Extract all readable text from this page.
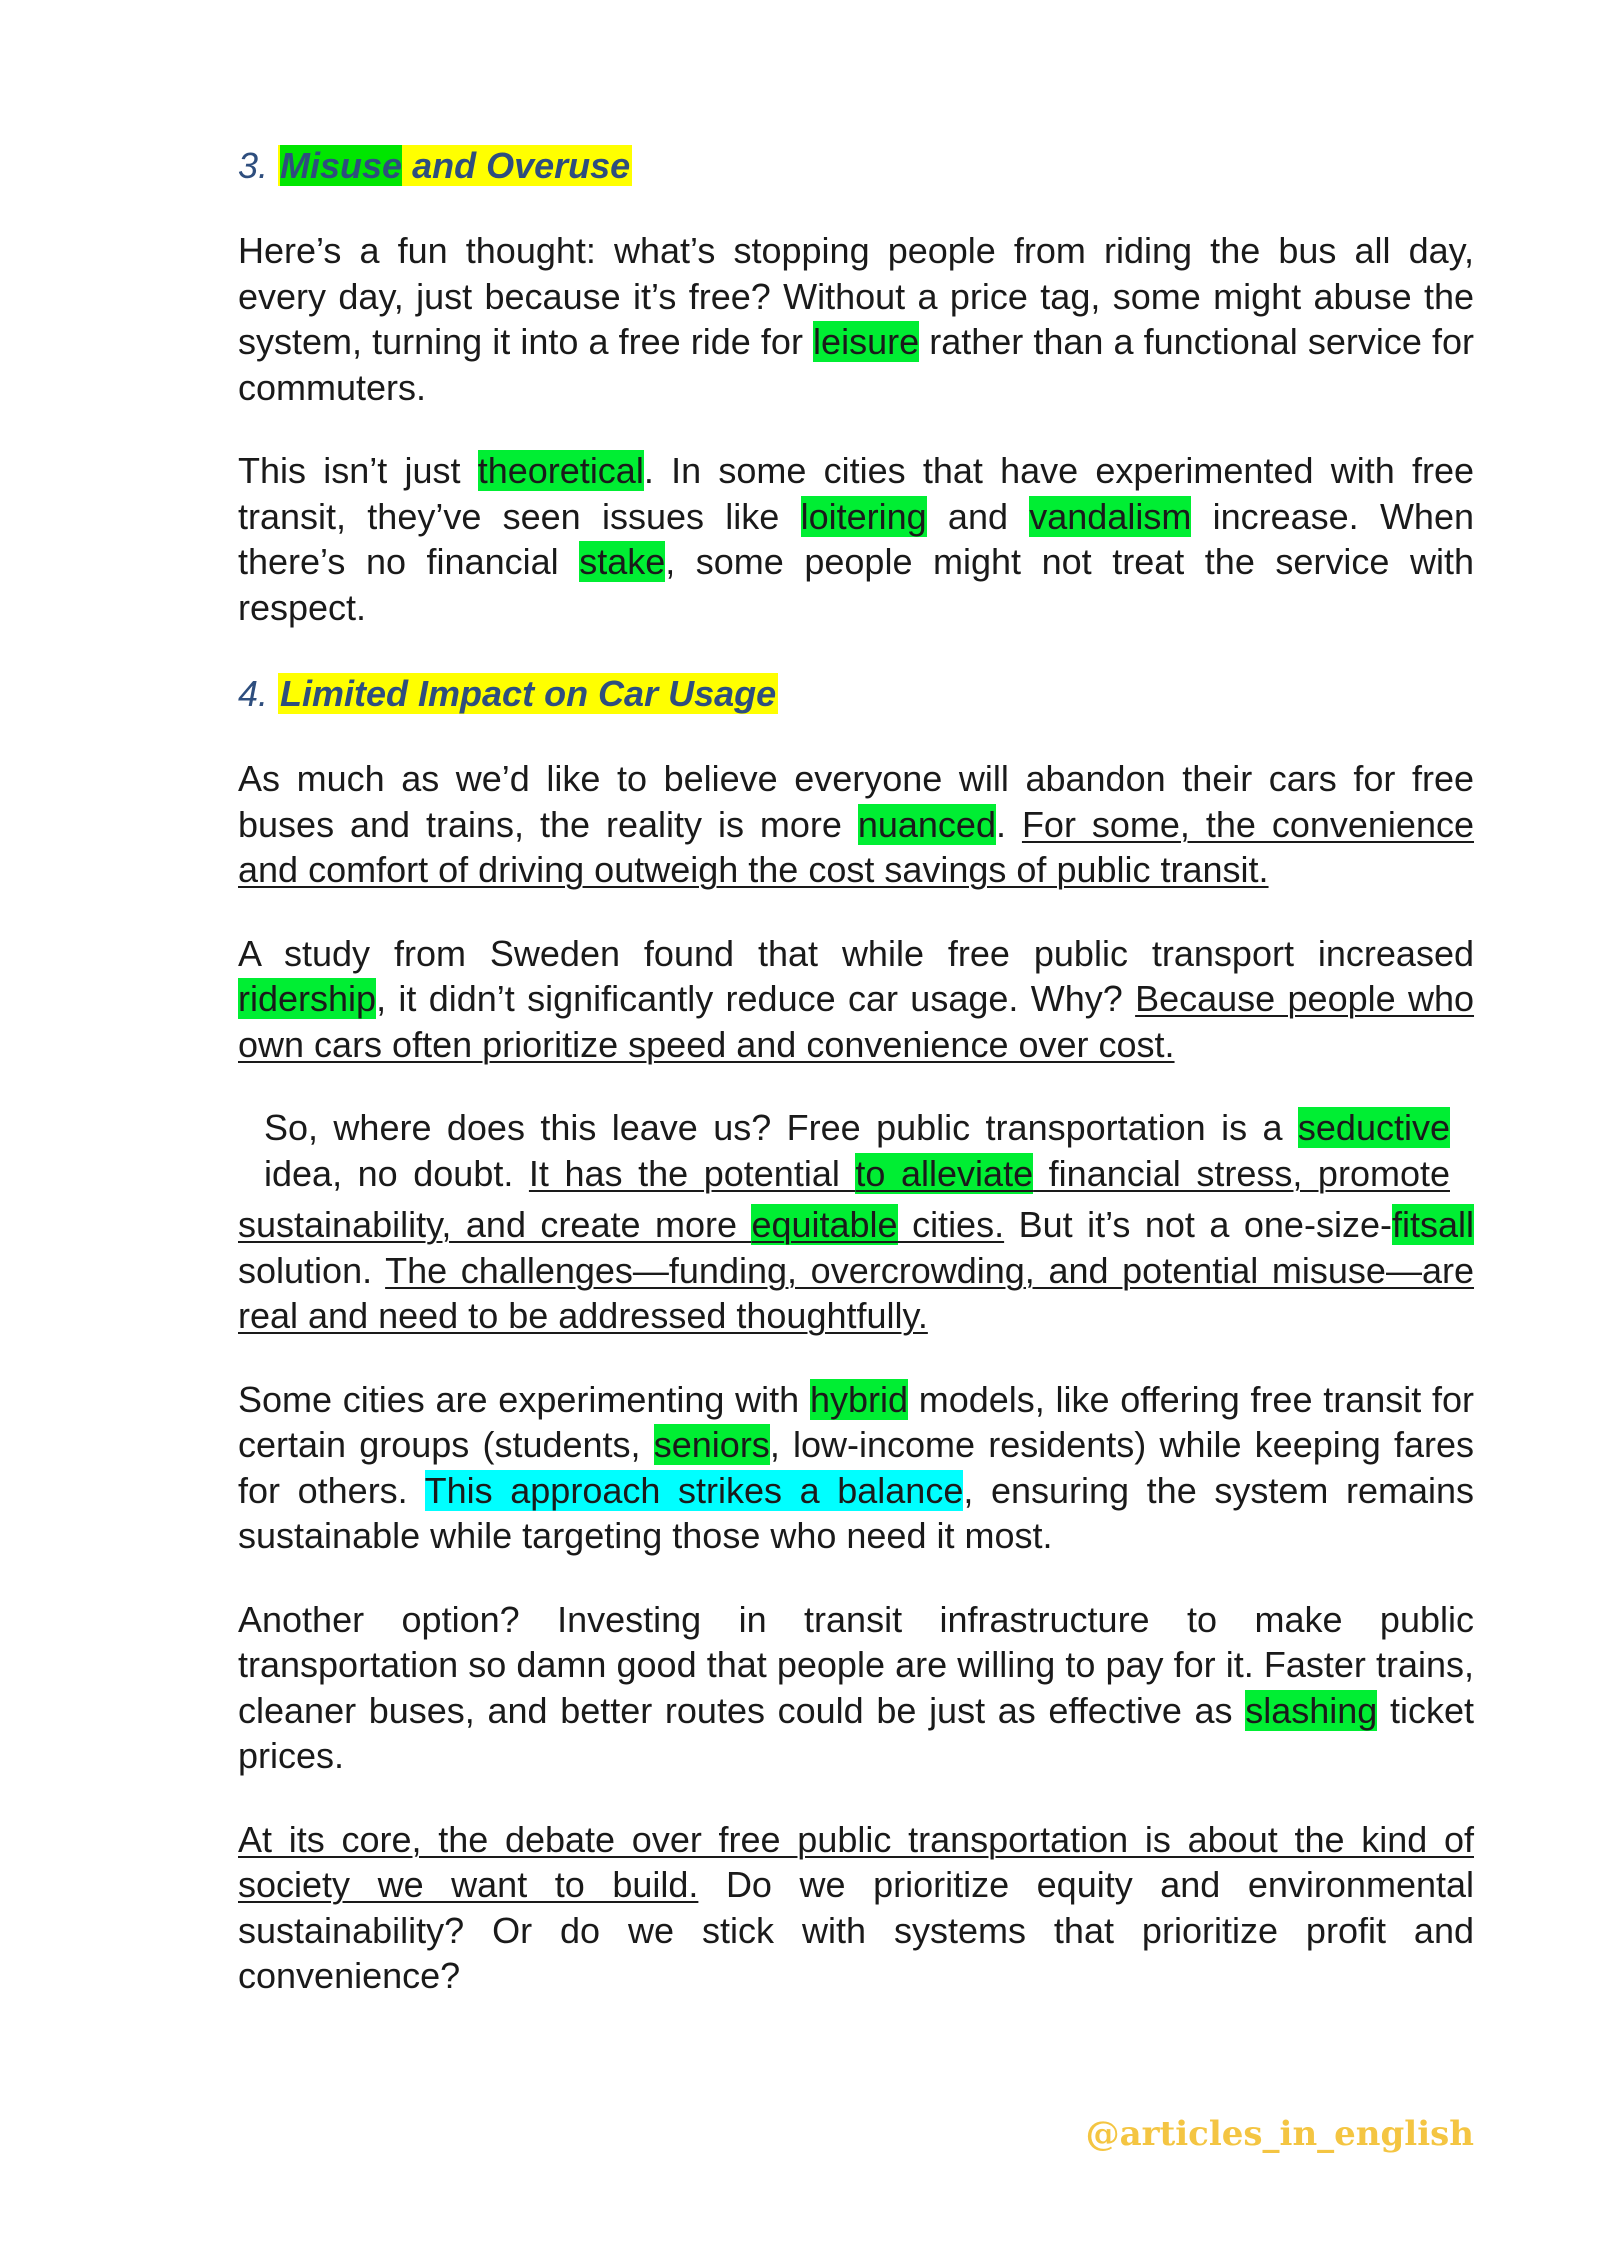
3. Misuse and Overuse

Here’s a fun thought: what’s stopping people from riding the bus all day, every day, just because it’s free? Without a price tag, some might abuse the system, turning it into a free ride for leisure rather than a functional service for commuters.

This isn’t just theoretical. In some cities that have experimented with free transit, they’ve seen issues like loitering and vandalism increase. When there’s no financial stake, some people might not treat the service with respect.

4. Limited Impact on Car Usage

As much as we’d like to believe everyone will abandon their cars for free buses and trains, the reality is more nuanced. For some, the convenience and comfort of driving outweigh the cost savings of public transit.

A study from Sweden found that while free public transport increased ridership, it didn’t significantly reduce car usage. Why? Because people who own cars often prioritize speed and convenience over cost.

So, where does this leave us? Free public transportation is a seductive
idea, no doubt. It has the potential to alleviate financial stress, promote

sustainability, and create more equitable cities. But it’s not a one-size-fitsall solution. The challenges—funding, overcrowding, and potential misuse—are real and need to be addressed thoughtfully.

Some cities are experimenting with hybrid models, like offering free transit for certain groups (students, seniors, low-income residents) while keeping fares for others. This approach strikes a balance, ensuring the system remains sustainable while targeting those who need it most.

Another option? Investing in transit infrastructure to make public transportation so damn good that people are willing to pay for it. Faster trains, cleaner buses, and better routes could be just as effective as slashing ticket prices.

At its core, the debate over free public transportation is about the kind of society we want to build. Do we prioritize equity and environmental sustainability? Or do we stick with systems that prioritize profit and convenience?

@articles_in_english
